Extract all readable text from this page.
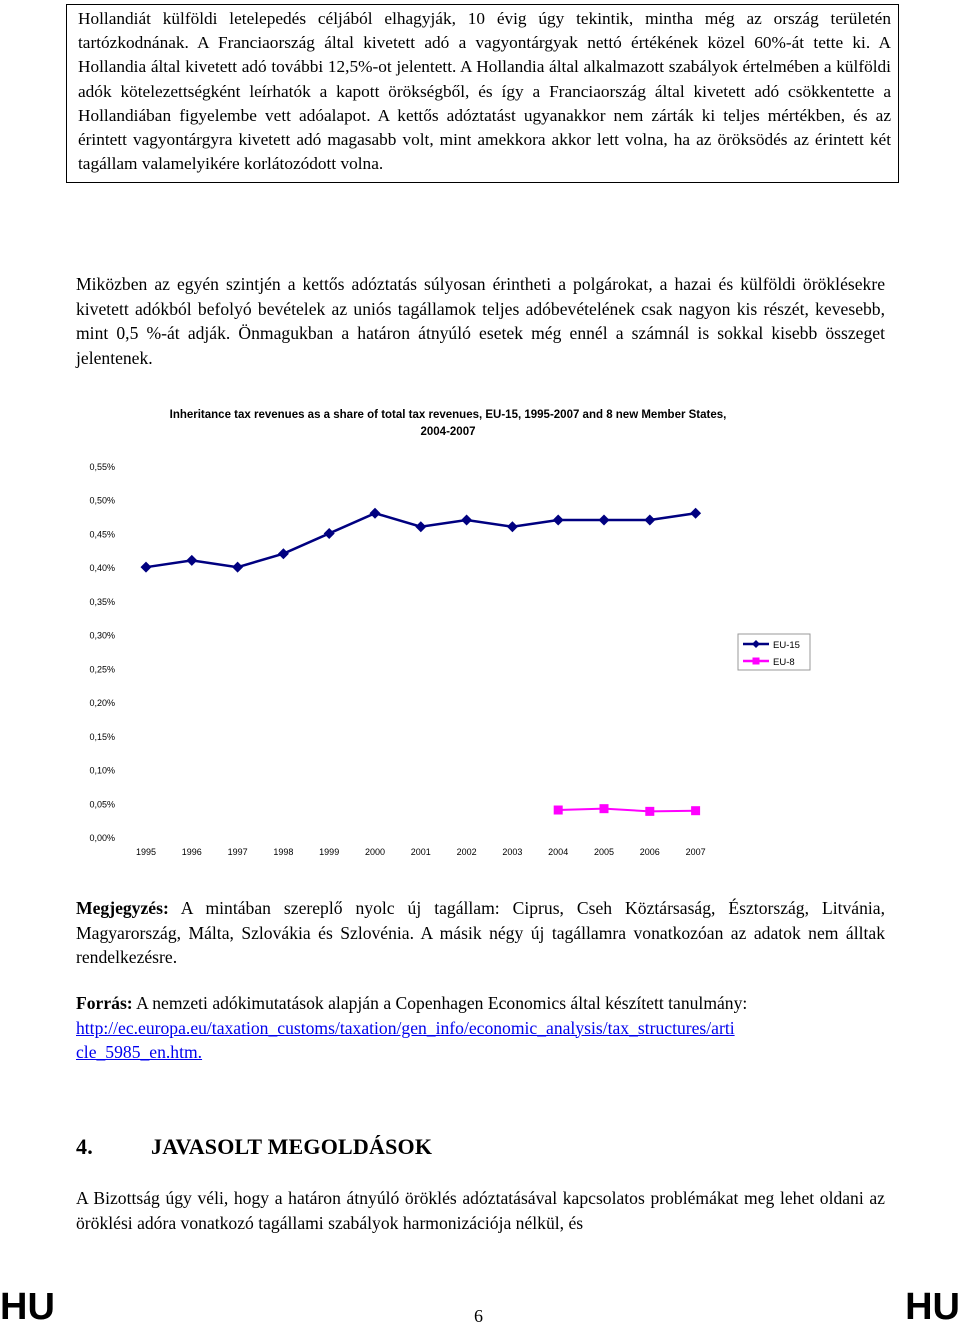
Hollandiát külföldi letelepedés céljából elhagyják, 10 évig úgy tekintik, mintha még az ország területén tartózkodnának. A Franciaország által kivetett adó a vagyontárgyak nettó értékének közel 60%-át tette ki. A Hollandia által kivetett adó további 12,5%-ot jelentett. A Hollandia által alkalmazott szabályok értelmében a külföldi adók kötelezettségként leírhatók a kapott örökségből, és így a Franciaország által kivetett adó csökkentette a Hollandiában figyelembe vett adóalapot. A kettős adóztatást ugyanakkor nem zárták ki teljes mértékben, és az érintett vagyontárgyra kivetett adó magasabb volt, mint amekkora akkor lett volna, ha az öröksödés az érintett két tagállam valamelyikére korlátozódott volna.
Miközben az egyén szintjén a kettős adóztatás súlyosan érintheti a polgárokat, a hazai és külföldi öröklésekre kivetett adókból befolyó bevételek az uniós tagállamok teljes adóbevételének csak nagyon kis részét, kevesebb, mint 0,5 %-át adják. Önmagukban a határon átnyúló esetek még ennél a számnál is sokkal kisebb összeget jelentenek.
Inheritance tax revenues as a share of total tax revenues, EU-15, 1995-2007 and 8 new Member States,
2004-2007
0,00%
0,05%
0,10%
0,15%
0,20%
0,25%
0,30%
0,35%
0,40%
0,45%
0,50%
0,55%
1995	1996	1997	1998	1999	2000	2001	2002	2003	2004	2005	2006	2007
EU-15
EU-8
Megjegyzés: A mintában szereplő nyolc új tagállam: Ciprus, Cseh Köztársaság, Észtország, Litvánia, Magyarország, Málta, Szlovákia és Szlovénia. A másik négy új tagállamra vonatkozóan az adatok nem álltak rendelkezésre.
Forrás: A nemzeti adókimutatások alapján a Copenhagen Economics által készített tanulmány:
http://ec.europa.eu/taxation_customs/taxation/gen_info/economic_analysis/tax_structures/arti
cle_5985_en.htm.
4.	JAVASOLT MEGOLDÁSOK
A Bizottság úgy véli, hogy a határon átnyúló öröklés adóztatásával kapcsolatos problémákat meg lehet oldani az öröklési adóra vonatkozó tagállami szabályok harmonizációja nélkül, és
HU	6	HU
